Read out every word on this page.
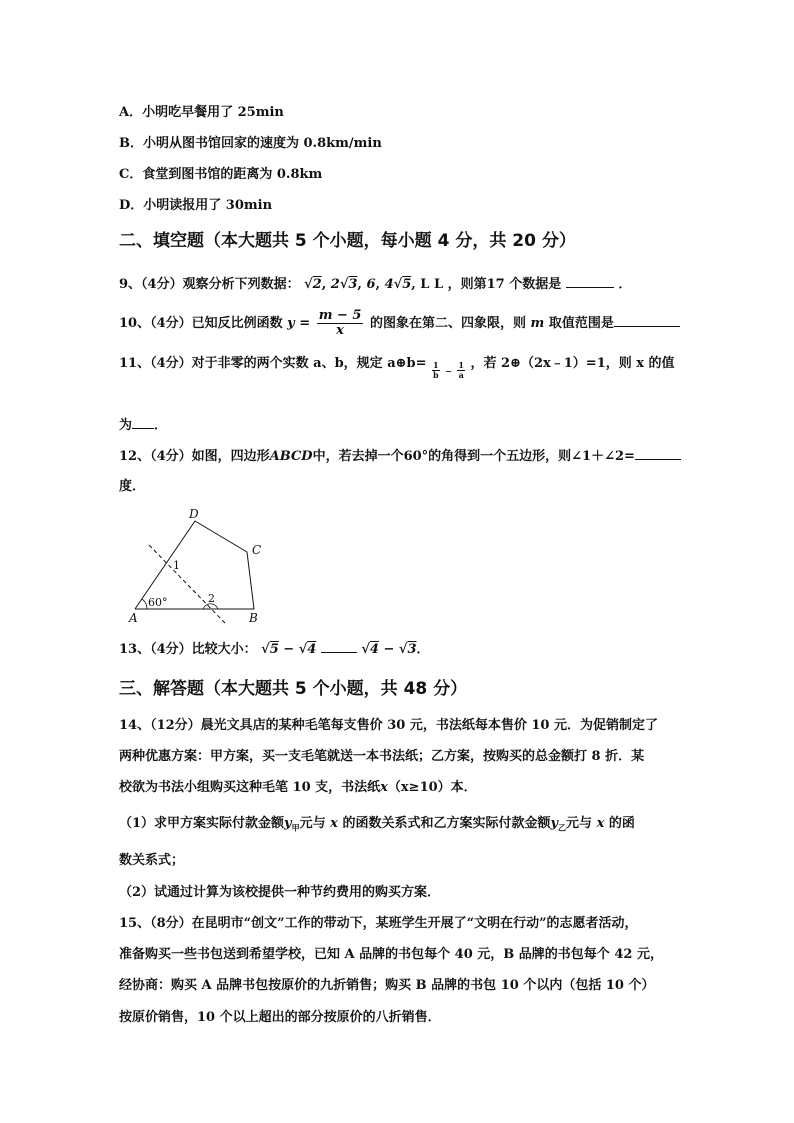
A．小明吃早餐用了 25min
B．小明从图书馆回家的速度为 0.8km/min
C．食堂到图书馆的距离为 0.8km
D．小明读报用了 30min
二、填空题（本大题共 5 个小题，每小题 4 分，共 20 分）
9、（4分）观察分析下列数据： √2, 2√3, 6, 4√5, L L ，则第17 个数据是	．
10、（4分）已知反比例函数 $y = \frac{m - 5}{x}$ 的图象在第二、四象限，则 m 取值范围是
11、（4分）对于非零的两个实数 a、b，规定 a⊕b= $\frac{1}{b} - \frac{1}{a}$ ，若 2⊕（2x﹣1）=1，则 x 的值
为 ．
12、（4分）如图，四边形ABCD中，若去掉一个60°的角得到一个五边形，则∠1＋∠2=
度．
D
C
A	B
1
2
60°
13、（4分）比较大小： √5 − √4	√4 − √3．
三、解答题（本大题共 5 个小题，共 48 分）
14、（12分）晨光文具店的某种毛笔每支售价 30 元，书法纸每本售价 10 元．为促销制定了
两种优惠方案：甲方案，买一支毛笔就送一本书法纸；乙方案，按购买的总金额打 8 折．某
校欲为书法小组购买这种毛笔 10 支，书法纸x（x≥10）本．
（1）求甲方案实际付款金额$y_甲$元与 x 的函数关系式和乙方案实际付款金额$y_乙$元与 x 的函
数关系式；
（2）试通过计算为该校提供一种节约费用的购买方案．
15、（8分）在昆明市“创文”工作的带动下，某班学生开展了“文明在行动”的志愿者活动，
准备购买一些书包送到希望学校，已知 A 品牌的书包每个 40 元，B 品牌的书包每个 42 元，
经协商：购买 A 品牌书包按原价的九折销售；购买 B 品牌的书包 10 个以内（包括 10 个）
按原价销售，10 个以上超出的部分按原价的八折销售．
